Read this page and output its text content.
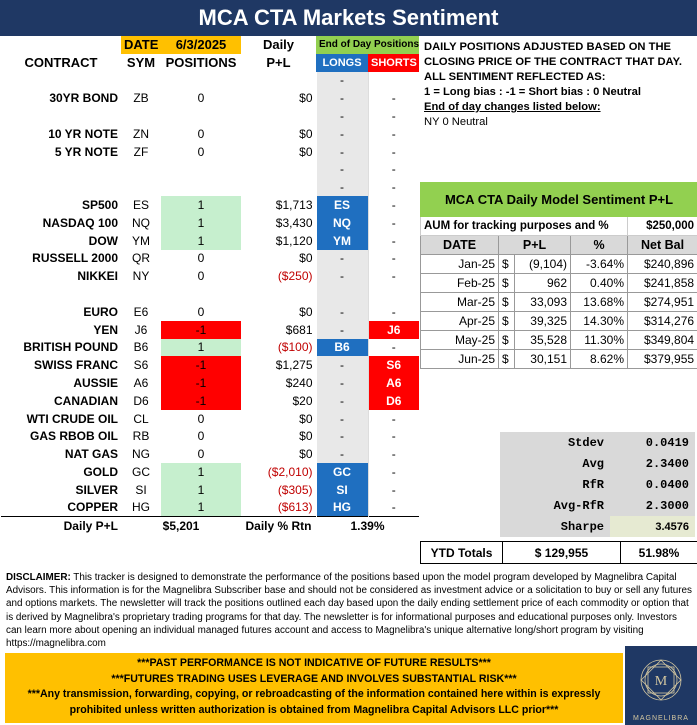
MCA CTA Markets Sentiment
	DATE	6/3/2025	Daily	End of Day Positions	
CONTRACT	SYM	POSITIONS	P+L	LONGS	SHORTS
				-	
30YR BOND	ZB	0	$0	-	-
				-	-
10 YR NOTE	ZN	0	$0	-	-
5 YR NOTE	ZF	0	$0	-	-
				-	-
				-	-
SP500	ES	1	$1,713	ES	-
NASDAQ 100	NQ	1	$3,430	NQ	-
DOW	YM	1	$1,120	YM	-
RUSSELL 2000	QR	0	$0	-	-
NIKKEI	NY	0	($250)	-	-

EURO	E6	0	$0	-	-
YEN	J6	-1	$681	-	J6
BRITISH POUND	B6	1	($100)	B6	-
SWISS FRANC	S6	-1	$1,275	-	S6
AUSSIE	A6	-1	$240	-	A6
CANADIAN	D6	-1	$20	-	D6
WTI CRUDE OIL	CL	0	$0	-	-
GAS RBOB OIL	RB	0	$0	-	-
NAT GAS	NG	0	$0	-	-
GOLD	GC	1	($2,010)	GC	-
SILVER	SI	1	($305)	SI	-
COPPER	HG	1	($613)	HG	-
Daily P+L	$5,201		Daily % Rtn	1.39%	
DAILY POSITIONS ADJUSTED BASED ON THE CLOSING PRICE OF THE CONTRACT THAT DAY.
ALL SENTIMENT REFLECTED AS:
1 = Long bias : -1 = Short bias : 0 Neutral
End of day changes listed below:
NY 0 Neutral
MCA CTA Daily Model Sentiment P+L				
AUM for tracking purposes and %				$250,000
DATE	P+L		%	Net Bal
Jan-25	$	(9,104)	-3.64%	$240,896
Feb-25	$	962	0.40%	$241,858
Mar-25	$	33,093	13.68%	$274,951
Apr-25	$	39,325	14.30%	$314,276
May-25	$	35,528	11.30%	$349,804
Jun-25	$	30,151	8.62%	$379,955
Stdev	0.0419
Avg	2.3400
RfR	0.0400
Avg-RfR	2.3000
Sharpe	3.4576
YTD Totals	$ 129,955	51.98%
DISCLAIMER: This tracker is designed to demonstrate the performance of the positions based upon the model program developed by Magnelibra Capital Advisors. This information is for the Magnelibra Subscriber base and should not be considered as investment advice or a solicitation to buy or sell any futures and options markets. The newsletter will track the positions outlined each day based upon the daily ending settlement price of each commodity or option that is derived by Magnelibra's proprietary trading programs for that day. The newsletter is for informational purposes and educational purposes only. Investors can learn more about opening an individual managed futures account and access to Magnelibra's unique alternative long/short program by visiting https://magnelibra.com
***PAST PERFORMANCE IS NOT INDICATIVE OF FUTURE RESULTS***
***FUTURES TRADING USES LEVERAGE AND INVOLVES SUBSTANTIAL RISK***
***Any transmission, forwarding, copying, or rebroadcasting of the information contained here within is expressly prohibited unless written authorization is obtained from Magnelibra Capital Advisors LLC prior***
M
MAGNELIBRA
